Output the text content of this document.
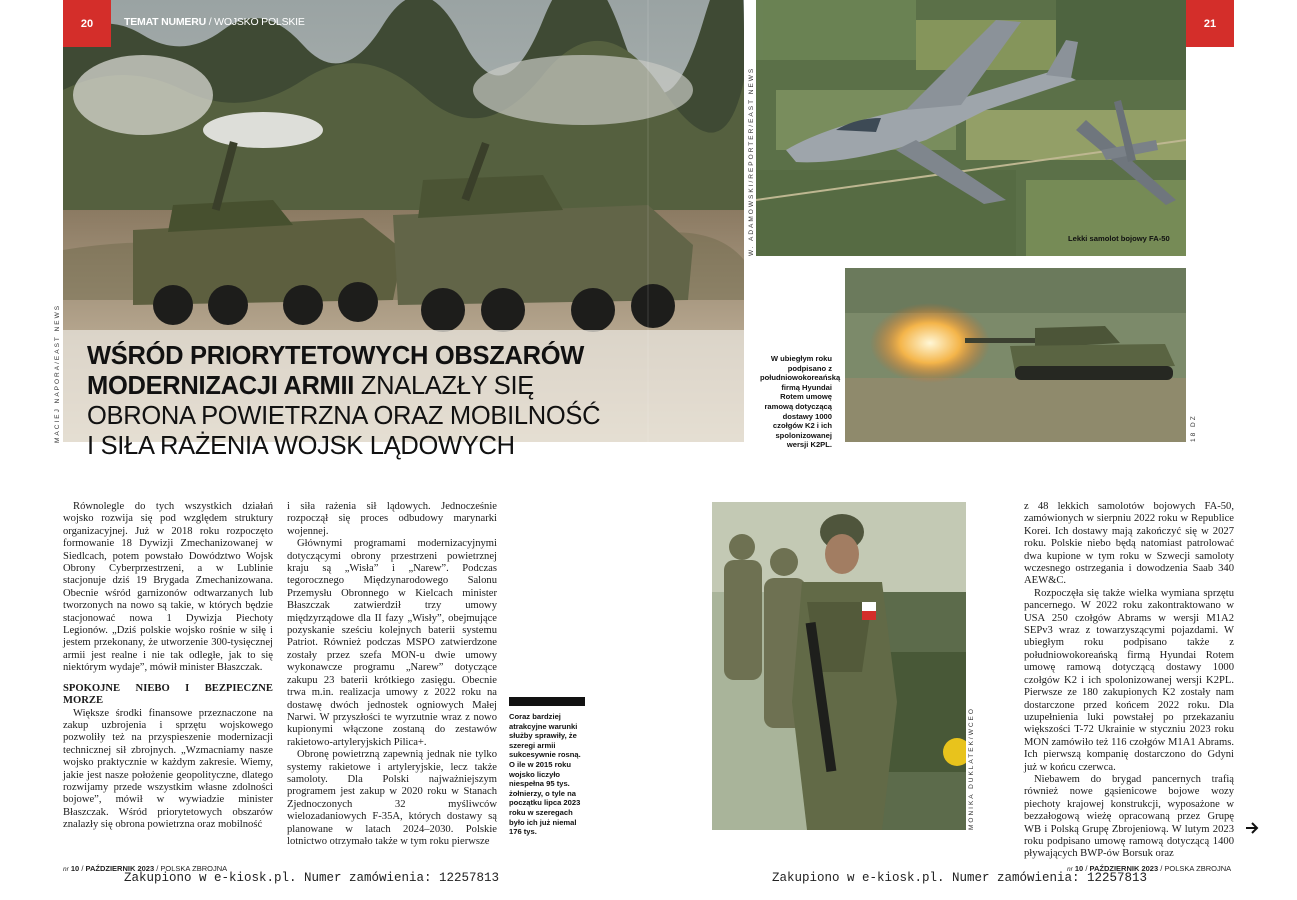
20	TEMAT NUMERU / WOJSKO POLSKIE
MACIEJ NAPORA/EAST NEWS WŚRÓD PRIORYTETOWYCH OBSZARÓW
MODERNIZACJI ARMII ZNALAZŁY SIĘ
OBRONA POWIETRZNA ORAZ MOBILNOŚĆ
I SIŁA RAŻENIA WOJSK LĄDOWYCH
W. ADAMOWSKI/REPORTER/EAST NEWS	Lekki samolot bojowy FA-50
21
W ubiegłym roku podpisano z południowokoreańską firmą Hyundai Rotem umowę ramową dotyczącą dostawy 1000 czołgów K2 i ich spolonizowanej wersji K2PL.
18 DZ
MONIKA DUKLATEK/WCEO
Coraz bardziej atrakcyjne warunki służby sprawiły, że szeregi armii sukcesywnie rosną. O ile w 2015 roku wojsko liczyło niespełna 95 tys. żołnierzy, o tyle na początku lipca 2023 roku w szeregach było ich już niemal 176 tys.

Równolegle do tych wszystkich działań wojsko rozwija się pod względem struktury organizacyjnej. Już w 2018 roku rozpoczęto formowanie 18 Dywizji Zmechanizowanej w Siedlcach, potem powstało Dowództwo Wojsk Obrony Cyberprzestrzeni, a w Lublinie stacjonuje dziś 19 Brygada Zmechanizowana. Obecnie wśród garnizonów odtwarzanych lub tworzonych na nowo są takie, w których będzie stacjonować nowa 1 Dywizja Piechoty Legionów. „Dziś polskie wojsko rośnie w siłę i jestem przekonany, że utworzenie 300-tysięcznej armii jest realne i nie tak odległe, jak to się niektórym wydaje”, mówił minister Błaszczak.

SPOKOJNE NIEBO I BEZPIECZNE MORZE

Większe środki finansowe przeznaczone na zakup uzbrojenia i sprzętu wojskowego pozwoliły też na przyspieszenie modernizacji technicznej sił zbrojnych. „Wzmacniamy nasze wojsko praktycznie w każdym zakresie. Wiemy, jakie jest nasze położenie geopolityczne, dlatego rozwijamy przede wszystkim własne zdolności bojowe”, mówił w wywiadzie minister Błaszczak. Wśród priorytetowych obszarów znalazły się obrona powietrzna oraz mobilność

i siła rażenia sił lądowych. Jednocześnie rozpoczął się proces odbudowy marynarki wojennej.

Głównymi programami modernizacyjnymi dotyczącymi obrony przestrzeni powietrznej kraju są „Wisła” i „Narew”. Podczas tegorocznego Międzynarodowego Salonu Przemysłu Obronnego w Kielcach minister Błaszczak zatwierdził trzy umowy międzyrządowe dla II fazy „Wisły”, obejmujące pozyskanie sześciu kolejnych baterii systemu Patriot. Również podczas MSPO zatwierdzone zostały przez szefa MON-u dwie umowy wykonawcze programu „Narew” dotyczące zakupu 23 baterii krótkiego zasięgu. Obecnie trwa m.in. realizacja umowy z 2022 roku na dostawę dwóch jednostek ogniowych Małej Narwi. W przyszłości te wyrzutnie wraz z nowo kupionymi włączone zostaną do zestawów rakietowo-artyleryjskich Pilica+.

Obronę powietrzną zapewnią jednak nie tylko systemy rakietowe i artyleryjskie, lecz także samoloty. Dla Polski najważniejszym programem jest zakup w 2020 roku w Stanach Zjednoczonych 32 myśliwców wielozadaniowych F-35A, których dostawy są planowane w latach 2024–2030. Polskie lotnictwo otrzymało także w tym roku pierwsze

z 48 lekkich samolotów bojowych FA-50, zamówionych w sierpniu 2022 roku w Republice Korei. Ich dostawy mają zakończyć się w 2027 roku. Polskie niebo będą natomiast patrolować dwa kupione w tym roku w Szwecji samoloty wczesnego ostrzegania i dowodzenia Saab 340 AEW&C.

Rozpoczęła się także wielka wymiana sprzętu pancernego. W 2022 roku zakontraktowano w USA 250 czołgów Abrams w wersji M1A2 SEPv3 wraz z towarzyszącymi pojazdami. W ubiegłym roku podpisano także z południowokoreańską firmą Hyundai Rotem umowę ramową dotyczącą dostawy 1000 czołgów K2 i ich spolonizowanej wersji K2PL. Pierwsze ze 180 zakupionych K2 zostały nam dostarczone przed końcem 2022 roku. Dla uzupełnienia luki powstałej po przekazaniu większości T-72 Ukrainie w styczniu 2023 roku MON zamówiło też 116 czołgów M1A1 Abrams. Ich pierwszą kompanię dostarczono do Gdyni już w końcu czerwca.

Niebawem do brygad pancernych trafią również nowe gąsienicowe bojowe wozy piechoty krajowej konstrukcji, wyposażone w bezzałogową wieżę opracowaną przez Grupę WB i Polską Grupę Zbrojeniową. W lutym 2023 roku podpisano umowę ramową dotyczącą 1400 pływających BWP-ów Borsuk oraz

nr 10 / PAŹDZIERNIK 2023 / POLSKA ZBROJNA	nr 10 / PAŹDZIERNIK 2023 / POLSKA ZBROJNA
Zakupiono w e-kiosk.pl. Numer zamówienia: 12257813	Zakupiono w e-kiosk.pl. Numer zamówienia: 12257813
